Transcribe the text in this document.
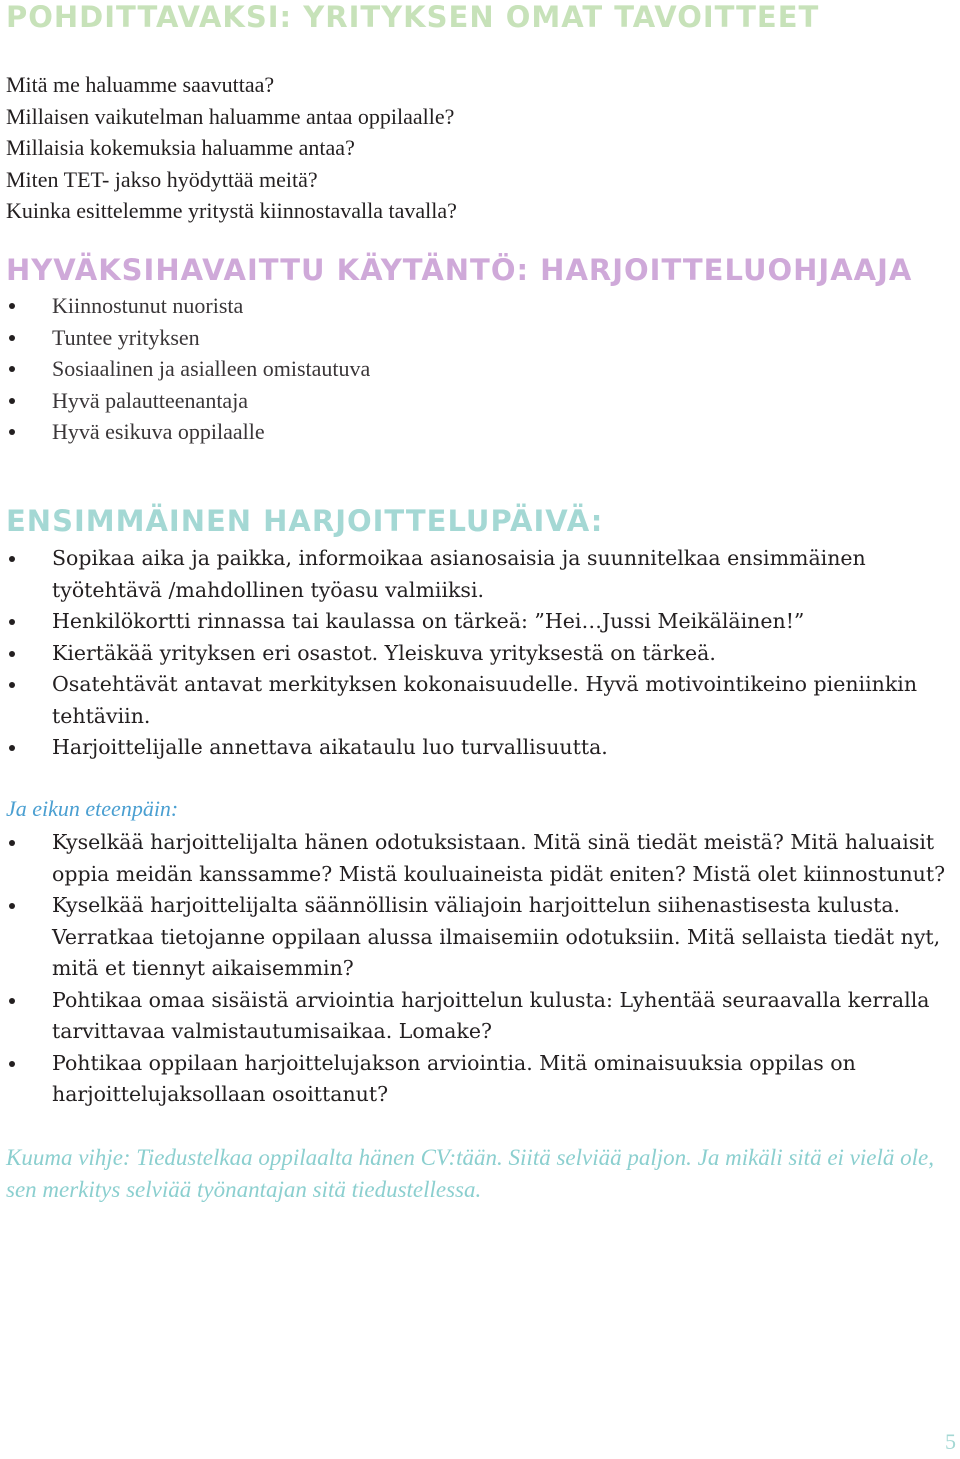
POHDITTAVAKSI: YRITYKSEN OMAT TAVOITTEET
Mitä me haluamme saavuttaa?
Millaisen vaikutelman haluamme antaa oppilaalle?
Millaisia kokemuksia haluamme antaa?
Miten TET- jakso hyödyttää meitä?
Kuinka esittelemme yritystä kiinnostavalla tavalla?
HYVÄKSIHAVAITTU KÄYTÄNTÖ: HARJOITTELUOHJAAJA
Kiinnostunut nuorista
Tuntee yrityksen
Sosiaalinen ja asialleen omistautuva
Hyvä palautteenantaja
Hyvä esikuva oppilaalle
ENSIMMÄINEN HARJOITTELUPÄIVÄ:
Sopikaa aika ja paikka, informoikaa asianosaisia ja suunnitelkaa ensimmäinen työtehtävä /mahdollinen työasu valmiiksi.
Henkilökortti rinnassa tai kaulassa on tärkeä: ”Hei…Jussi Meikäläinen!”
Kiertäkää yrityksen eri osastot. Yleiskuva yrityksestä on tärkeä.
Osatehtävät antavat merkityksen kokonaisuudelle. Hyvä motivointikeino pieniinkin tehtäviin.
Harjoittelijalle annettava aikataulu luo turvallisuutta.
Ja eikun eteenpäin:
Kyselkää harjoittelijalta hänen odotuksistaan. Mitä sinä tiedät meistä? Mitä haluaisit oppia meidän kanssamme? Mistä kouluaineista pidät eniten? Mistä olet kiinnostunut?
Kyselkää harjoittelijalta säännöllisin väliajoin harjoittelun siihenastisesta kulusta. Verratkaa tietojanne oppilaan alussa ilmaisemiin odotuksiin. Mitä sellaista tiedät nyt, mitä et tiennyt aikaisemmin?
Pohtikaa omaa sisäistä arviointia harjoittelun kulusta: Lyhentää seuraavalla kerralla tarvittavaa valmistautumisaikaa. Lomake?
Pohtikaa oppilaan harjoittelujakson arviointia. Mitä ominaisuuksia oppilas on harjoittelujaksollaan osoittanut?
Kuuma vihje: Tiedustelkaa oppilaalta hänen CV:tään. Siitä selviää paljon. Ja mikäli sitä ei vielä ole, sen merkitys selviää työnantajan sitä tiedustellessa.
5
